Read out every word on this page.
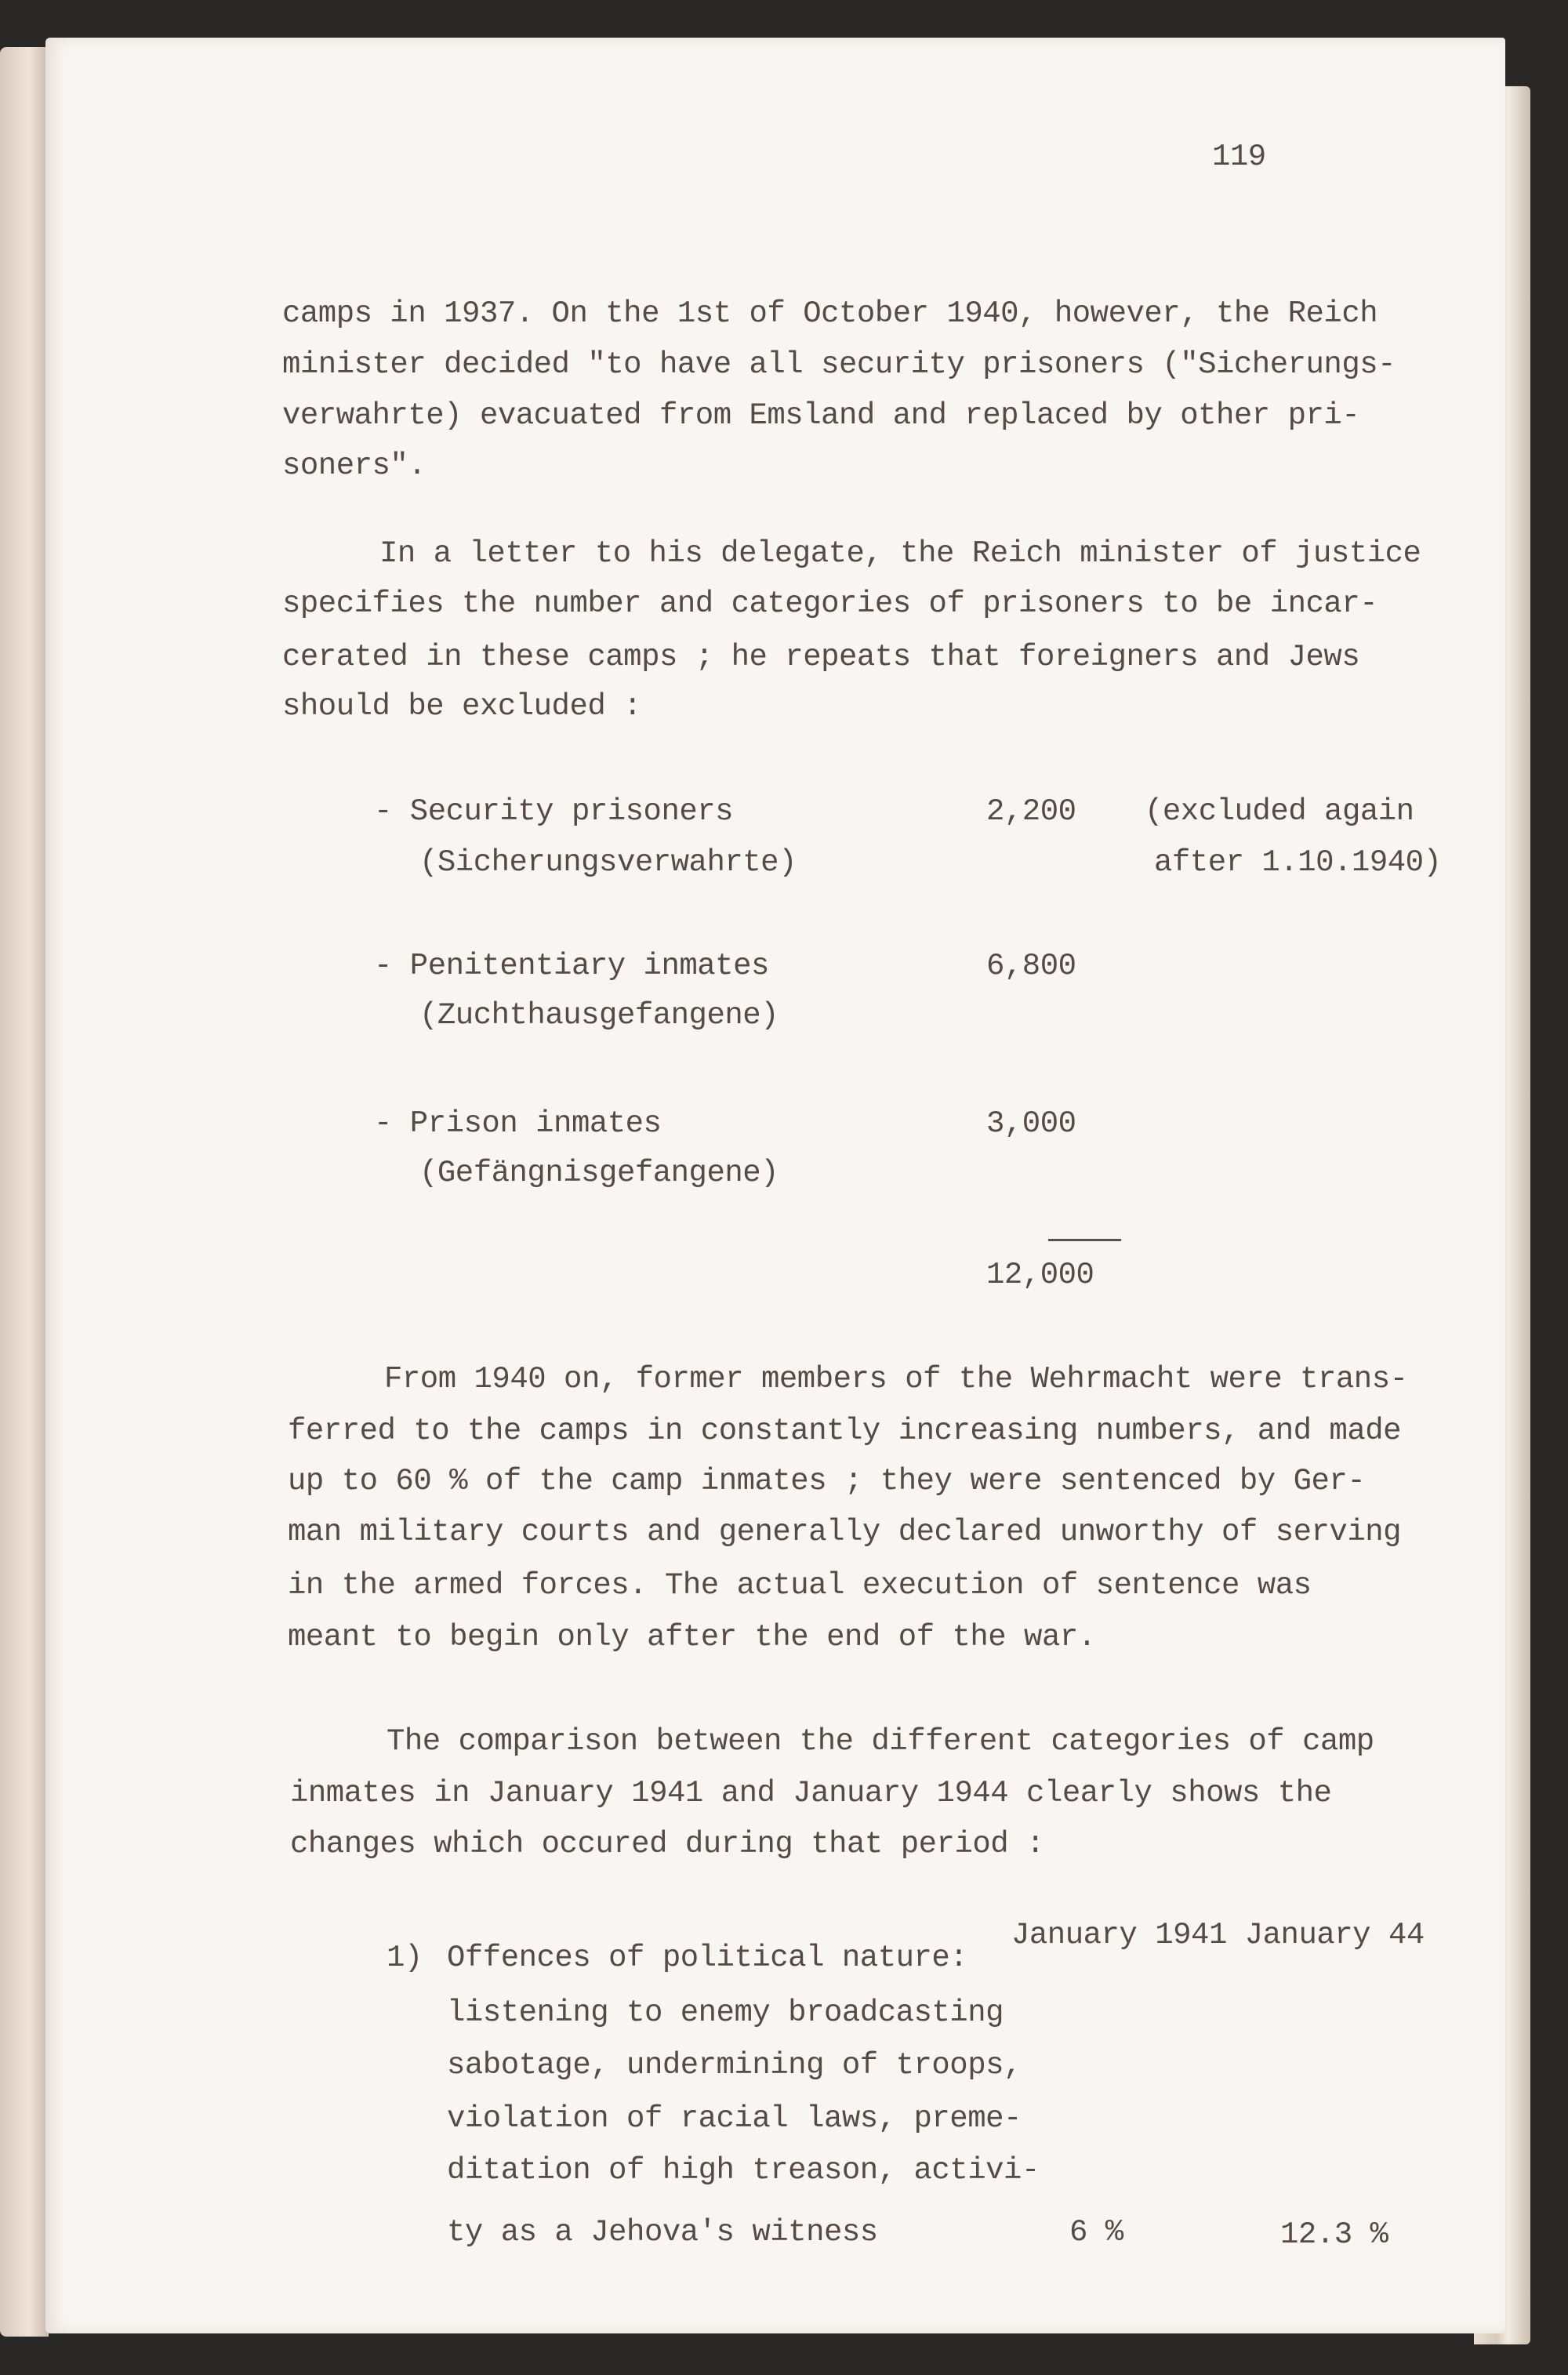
119
camps in 1937. On the 1st of October 1940, however, the Reich
minister decided "to have all security prisoners ("Sicherungs-
verwahrte) evacuated from Emsland and replaced by other pri-
soners".
In a letter to his delegate, the Reich minister of justice
specifies the number and categories of prisoners to be incar-
cerated in these camps ; he repeats that foreigners and Jews
should be excluded :
- Security prisoners	2,200 (excluded again
(Sicherungsverwahrte)	after 1.10.1940)
- Penitentiary inmates	6,800
(Zuchthausgefangene)
- Prison inmates	3,000
(Gefängnisgefangene)
12,000
From 1940 on, former members of the Wehrmacht were trans-
ferred to the camps in constantly increasing numbers, and made
up to 60 % of the camp inmates ; they were sentenced by Ger-
man military courts and generally declared unworthy of serving
in the armed forces. The actual execution of sentence was
meant to begin only after the end of the war.
The comparison between the different categories of camp
inmates in January 1941 and January 1944 clearly shows the
changes which occured during that period :
January 1941 January 44
1) Offences of political nature:
listening to enemy broadcasting
sabotage, undermining of troops,
violation of racial laws, preme-
ditation of high treason, activi-
ty as a Jehova's witness	6 %	12.3 %
